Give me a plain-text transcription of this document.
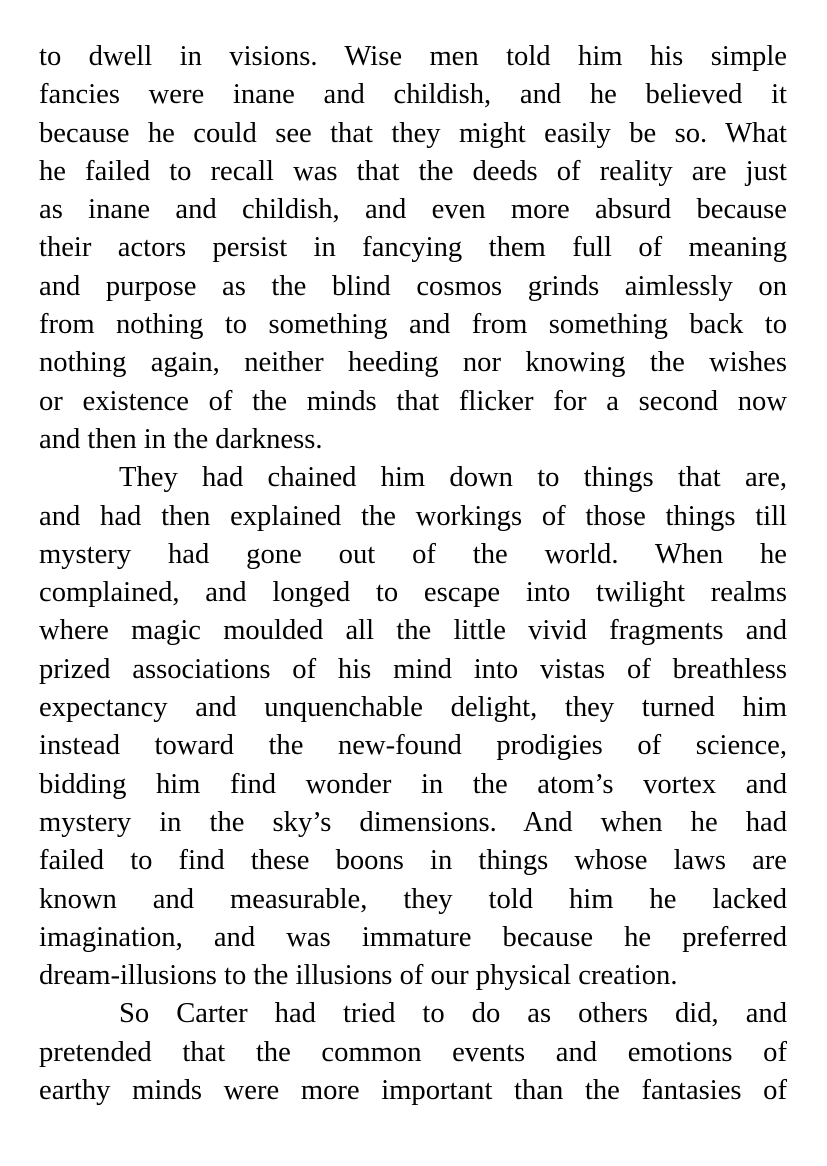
to dwell in visions. Wise men told him his simple
fancies were inane and childish, and he believed it
because he could see that they might easily be so. What
he failed to recall was that the deeds of reality are just
as inane and childish, and even more absurd because
their actors persist in fancying them full of meaning
and purpose as the blind cosmos grinds aimlessly on
from nothing to something and from something back to
nothing again, neither heeding nor knowing the wishes
or existence of the minds that flicker for a second now
and then in the darkness.
They had chained him down to things that are,
and had then explained the workings of those things till
mystery had gone out of the world. When he
complained, and longed to escape into twilight realms
where magic moulded all the little vivid fragments and
prized associations of his mind into vistas of breathless
expectancy and unquenchable delight, they turned him
instead toward the new-found prodigies of science,
bidding him find wonder in the atom’s vortex and
mystery in the sky’s dimensions. And when he had
failed to find these boons in things whose laws are
known and measurable, they told him he lacked
imagination, and was immature because he preferred
dream-illusions to the illusions of our physical creation.
So Carter had tried to do as others did, and
pretended that the common events and emotions of
earthy minds were more important than the fantasies of
